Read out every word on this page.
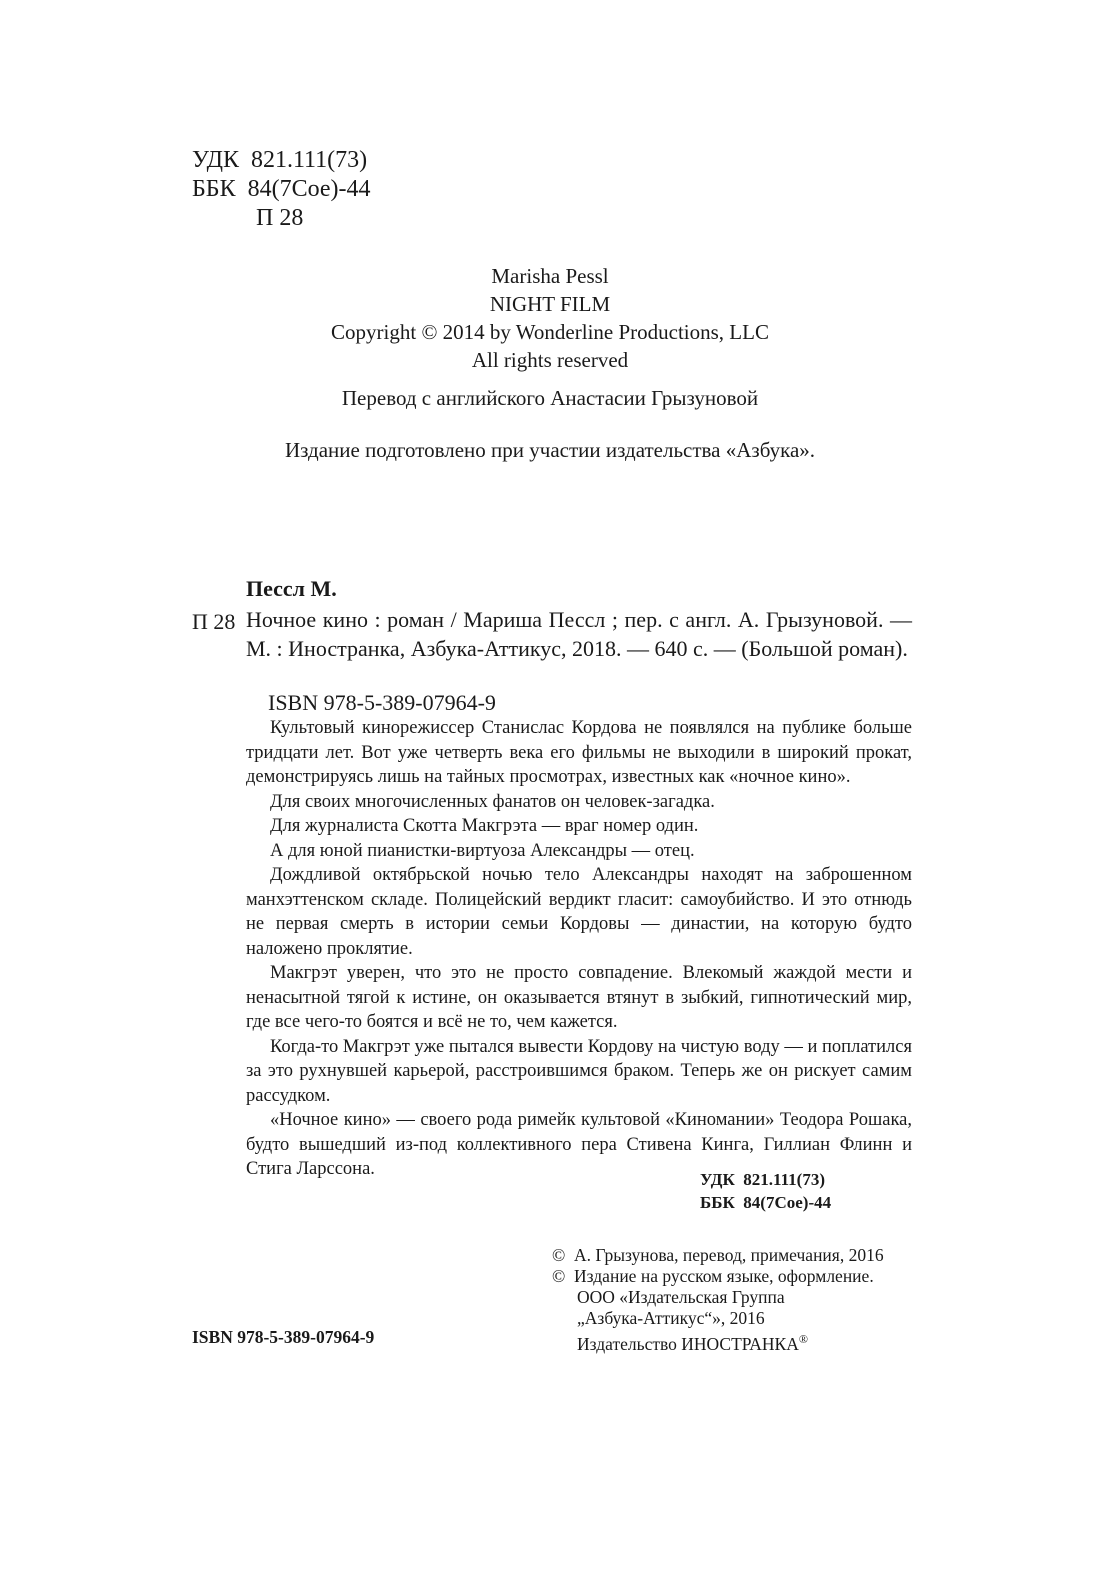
УДК  821.111(73)
ББК  84(7Сое)-44
П 28
Marisha Pessl
NIGHT FILM
Copyright © 2014 by Wonderline Productions, LLC
All rights reserved
Перевод с английского Анастасии Грызуновой
Издание подготовлено при участии издательства «Азбука».
Пессл М.
П 28 Ночное кино : роман / Мариша Пессл ; пер. с англ. А. Грызуновой. — М. : Иностранка, Азбука-Аттикус, 2018. — 640 с. — (Большой роман).
ISBN 978-5-389-07964-9

Культовый кинорежиссер Станислас Кордова не появлялся на публике больше тридцати лет. Вот уже четверть века его фильмы не выходили в широкий прокат, демонстрируясь лишь на тайных просмотрах, известных как «ночное кино».

Для своих многочисленных фанатов он человек-загадка.

Для журналиста Скотта Макгрэта — враг номер один.

А для юной пианистки-виртуоза Александры — отец.

Дождливой октябрьской ночью тело Александры находят на заброшенном манхэттенском складе. Полицейский вердикт гласит: самоубийство. И это отнюдь не первая смерть в истории семьи Кордовы — династии, на которую будто наложено проклятие.

Макгрэт уверен, что это не просто совпадение. Влекомый жаждой мести и ненасытной тягой к истине, он оказывается втянут в зыбкий, гипнотический мир, где все чего-то боятся и всё не то, чем кажется.

Когда-то Макгрэт уже пытался вывести Кордову на чистую воду — и поплатился за это рухнувшей карьерой, расстроившимся браком. Теперь же он рискует самим рассудком.

«Ночное кино» — своего рода римейк культовой «Киномании» Теодора Рошака, будто вышедший из-под коллективного пера Стивена Кинга, Гиллиан Флинн и Стига Ларссона.

УДК  821.111(73)
ББК  84(7Сое)-44
©  А. Грызунова, перевод, примечания, 2016
©  Издание на русском языке, оформление.
ООО «Издательская Группа
„Азбука-Аттикус“», 2016
Издательство ИНОСТРАНКА®
ISBN 978-5-389-07964-9
